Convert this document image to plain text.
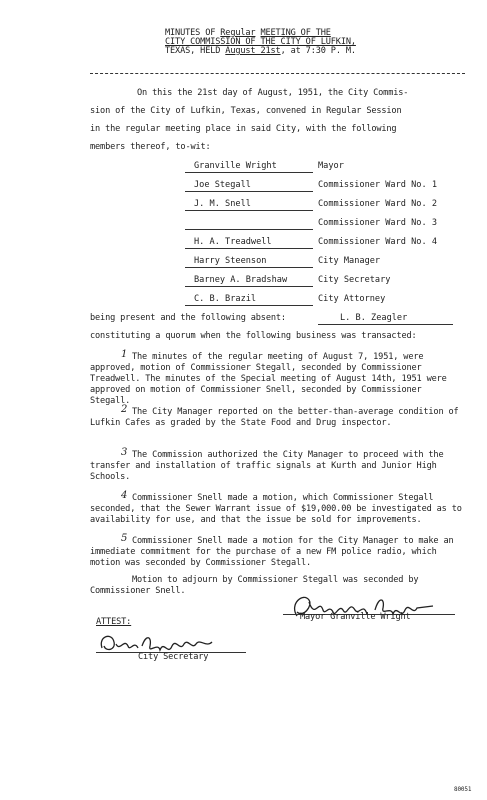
MINUTES OF Regular MEETING OF THE
CITY COMMISSION OF THE CITY OF LUFKIN,
TEXAS, HELD August 21st, at 7:30 P. M.
On this the 21st day of August, 1951, the City Commis-
sion of the City of Lufkin, Texas, convened in Regular Session
in the regular meeting place in said City, with the following
members thereof, to-wit:
Granville Wright	Mayor
Joe Stegall	Commissioner Ward No. 1
J. M. Snell	Commissioner Ward No. 2
Commissioner Ward No. 3
H. A. Treadwell	Commissioner Ward No. 4
Harry Steenson	City Manager
Barney A. Bradshaw	City Secretary
C. B. Brazil	City Attorney
being present and the following absent:	L. B. Zeagler
constituting a quorum when the following business was transacted:
1 The minutes of the regular meeting of August 7, 1951, were approved, motion of Commissioner Stegall, seconded by Commissioner Treadwell. The minutes of the Special meeting of August 14th, 1951 were approved on motion of Commissioner Snell, seconded by Commissioner Stegall.
2 The City Manager reported on the better-than-average condition of Lufkin Cafes as graded by the State Food and Drug inspector.
3 The Commission authorized the City Manager to proceed with the transfer and installation of traffic signals at Kurth and Junior High Schools.
4 Commissioner Snell made a motion, which Commissioner Stegall seconded, that the Sewer Warrant issue of $19,000.00 be investigated as to availability for use, and that the issue be sold for improvements.
5 Commissioner Snell made a motion for the City Manager to make an immediate commitment for the purchase of a new FM police radio, which motion was seconded by Commissioner Stegall.
Motion to adjourn by Commissioner Stegall was seconded by Commissioner Snell.
Mayor Granville Wright
ATTEST:
City Secretary
80051
